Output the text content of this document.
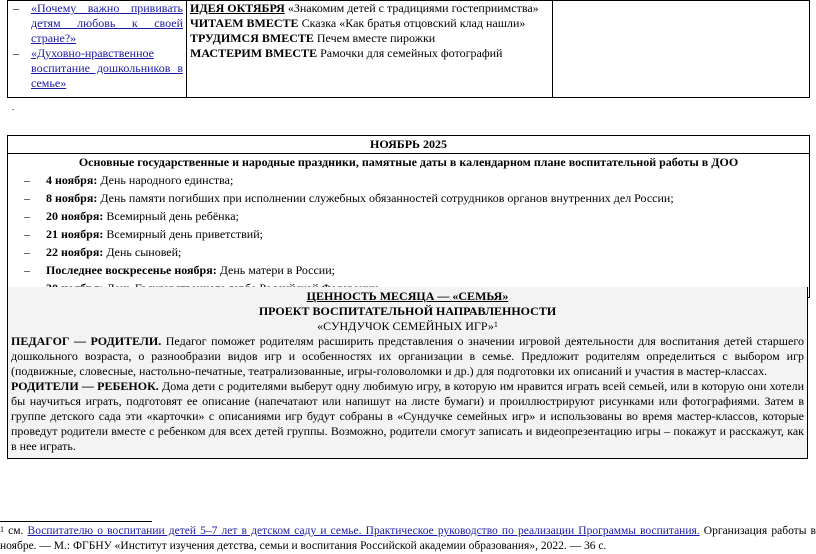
–	«Почему важно прививать детям любовь к своей стране?»
–	«Духовно-нравственное воспитание дошкольников в семье»

ИДЕЯ ОКТЯБРЯ «Знакомим детей с традициями гостеприимства»
ЧИТАЕМ ВМЕСТЕ Сказка «Как братья отцовский клад нашли»
ТРУДИМСЯ ВМЕСТЕ Печем вместе пирожки
МАСТЕРИМ ВМЕСТЕ Рамочки для семейных фотографий

.
НОЯБРЬ 2025
Основные государственные и народные праздники, памятные даты в календарном плане воспитательной работы в ДОО
–	4 ноября: День народного единства;
–	8 ноября: День памяти погибших при исполнении служебных обязанностей сотрудников органов внутренних дел России;
–	20 ноября: Всемирный день ребёнка;
–	21 ноября: Всемирный день приветствий;
–	22 ноября: День сыновей;
–	Последнее воскресенье ноября: День матери в России;
ЦЕННОСТЬ МЕСЯЦА — «СЕМЬЯ»
ПРОЕКТ ВОСПИТАТЕЛЬНОЙ НАПРАВЛЕННОСТИ
«СУНДУЧОК СЕМЕЙНЫХ ИГР»$^1$
ПЕДАГОГ — РОДИТЕЛИ. Педагог поможет родителям расширить представления о значении игровой деятельности для воспитания детей старшего дошкольного возраста, о разнообразии видов игр и особенностях их организации в семье. Предложит родителям определиться с выбором игр (подвижные, словесные, настольно-печатные, театрализованные, игры-головоломки и др.) для подготовки их описаний и участия в мастер-классах.
РОДИТЕЛИ — РЕБЕНОК. Дома дети с родителями выберут одну любимую игру, в которую им нравится играть всей семьей, или в которую они хотели бы научиться играть, подготовят ее описание (напечатают или напишут на листе бумаги) и проиллюстрируют рисунками или фотографиями. Затем в группе детского сада эти «карточки» с описаниями игр будут собраны в «Сундучке семейных игр» и использованы во время мастер-классов, которые проведут родители вместе с ребенком для всех детей группы. Возможно, родители смогут записать и видеопрезентацию игры – покажут и расскажут, как в нее играть.
$^1$ см. Воспитателю о воспитании детей 5–7 лет в детском саду и семье. Практическое руководство по реализации Программы воспитания. Организация работы в ноябре. — М.: ФГБНУ «Институт изучения детства, семьи и воспитания Российской академии образования», 2022. — 36 с.
